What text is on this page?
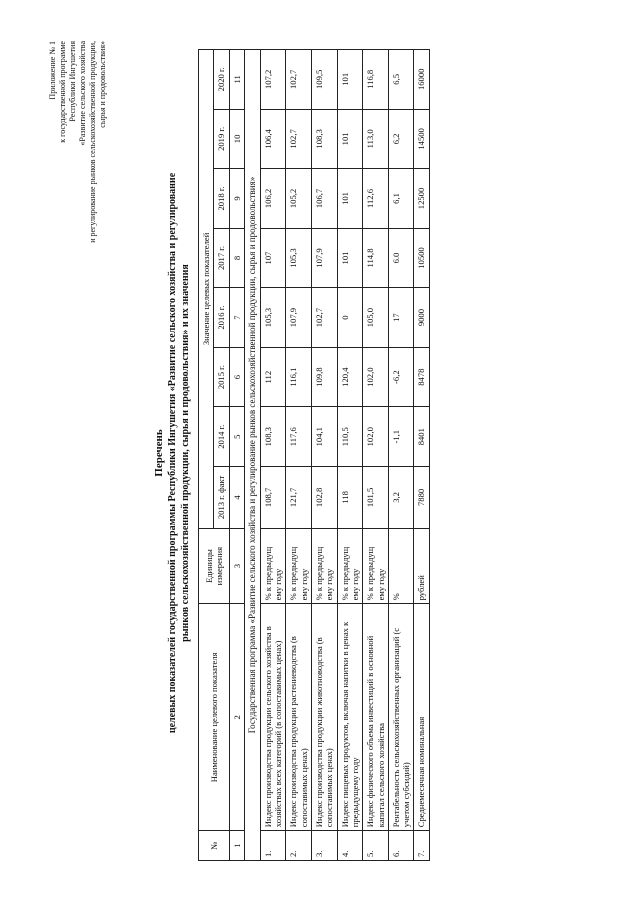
Приложение № 1 к государственной программе Республики Ингушетия «Развитие сельского хозяйства и регулирование рынков сельскохозяйственной продукции, сырья и продовольствия»
Перечень целевых показателей государственной программы Республики Ингушетия «Развитие сельского хозяйства и регулирование рынков сельскохозяйственной продукции, сырья и продовольствия» и их значения
№	Наименование целевого показателя	Единицы измерения	Значение целевых показателей							
			2013 г. факт	2014 г.	2015 г.	2016 г.	2017 г.	2018 г.	2019 г.	2020 г.
1	2	3	4	5	6	7	8	9	10	11
Государственная программа «Развитие сельского хозяйства и регулирование рынков сельскохозяйственной продукции, сырья и продовольствия»										
1.	Индекс производства продукции сельского хозяйства в хозяйствах всех категорий (в сопоставимых ценах)	% к предыдущ ему году	108,7	108,3	112	105,3	107	106,2	106,4	107,2
2.	Индекс производства продукции растениеводства (в сопоставимых ценах)	% к предыдущ ему году	121,7	117,6	116,1	107,9	105,3	105,2	102,7	102,7
3.	Индекс производства продукции животноводства (в сопоставимых ценах)	% к предыдущ ему году	102,8	104,1	109,8	102,7	107,9	106,7	108,3	109,5
4.	Индекс пищевых продуктов, включая напитки в ценах к предыдущему году	% к предыдущ ему году	118	110,5	120,4	0	101	101	101	101
5.	Индекс физического объема инвестиций в основной капитал сельского хозяйства	% к предыдущ ему году	101,5	102,0	102,0	105,0	114,8	112,6	113,0	116,8
6.	Рентабельность сельскохозяйственных организаций (с учетом субсидий)	%	3,2	-1,1	-6,2	17	6.0	6,1	6,2	6,5
7.	Среднемесячная номинальная	рублей	7880	8401	8478	9000	10500	12500	14500	16000
